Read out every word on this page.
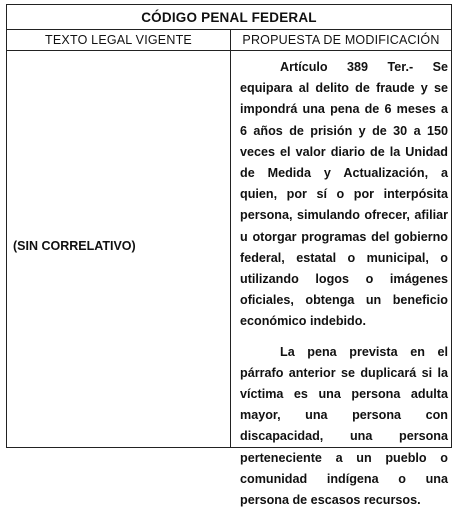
CÓDIGO PENAL FEDERAL
TEXTO LEGAL VIGENTE	PROPUESTA DE MODIFICACIÓN
(SIN CORRELATIVO)

Artículo 389 Ter.- Se equipara al delito de fraude y se impondrá una pena de 6 meses a 6 años de prisión y de 30 a 150 veces el valor diario de la Unidad de Medida y Actualización, a quien, por sí o por interpósita persona, simulando ofrecer, afiliar u otorgar programas del gobierno federal, estatal o municipal, o utilizando logos o imágenes oficiales, obtenga un beneficio económico indebido.

La pena prevista en el párrafo anterior se duplicará si la víctima es una persona adulta mayor, una persona con discapacidad, una persona perteneciente a un pueblo o comunidad indígena o una persona de escasos recursos.
